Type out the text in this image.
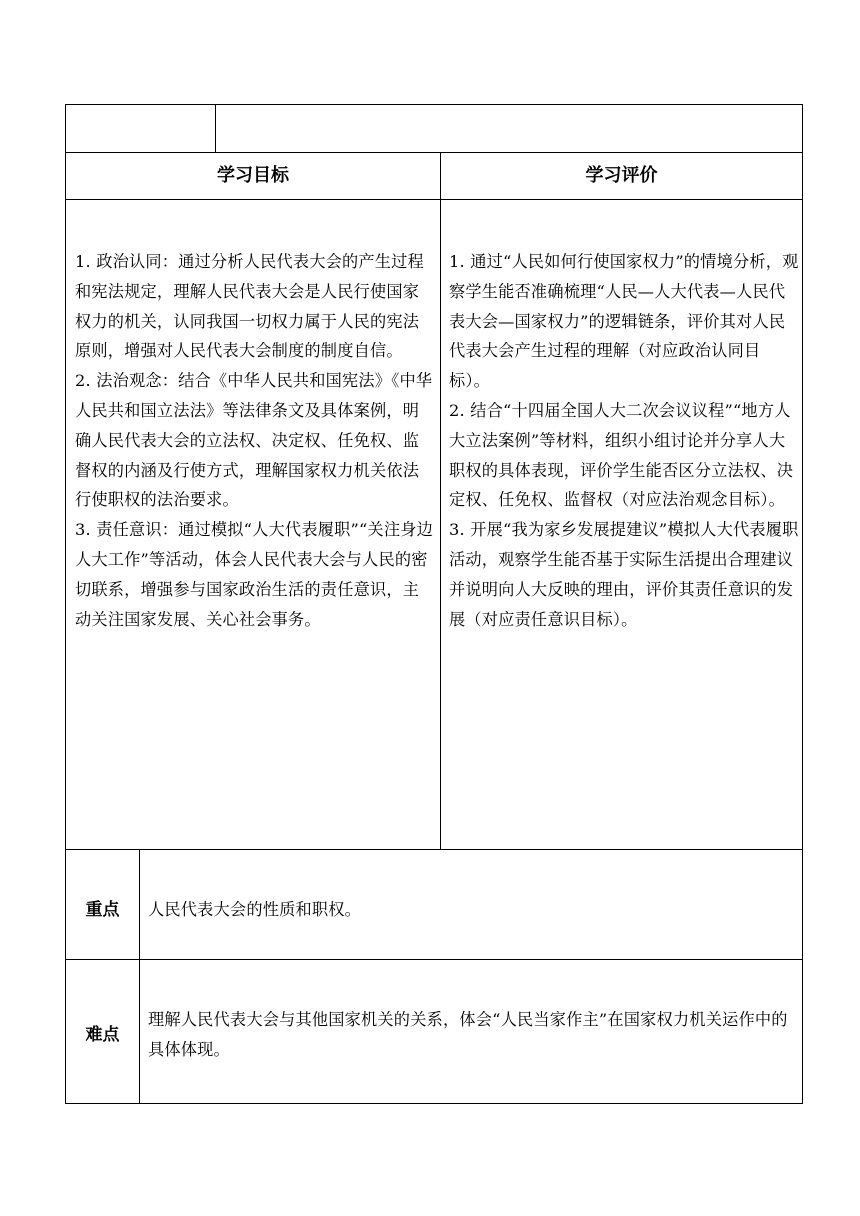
学习目标	学习评价

1. 政治认同：通过分析人民代表大会的产生过程和宪法规定，理解人民代表大会是人民行使国家权力的机关，认同我国一切权力属于人民的宪法原则，增强对人民代表大会制度的制度自信。

2. 法治观念：结合《中华人民共和国宪法》《中华人民共和国立法法》等法律条文及具体案例，明确人民代表大会的立法权、决定权、任免权、监督权的内涵及行使方式，理解国家权力机关依法行使职权的法治要求。

3. 责任意识：通过模拟“人大代表履职”“关注身边人大工作”等活动，体会人民代表大会与人民的密切联系，增强参与国家政治生活的责任意识，主动关注国家发展、关心社会事务。

1. 通过“人民如何行使国家权力”的情境分析，观察学生能否准确梳理“人民—人大代表—人民代表大会—国家权力”的逻辑链条，评价其对人民代表大会产生过程的理解（对应政治认同目标）。

2. 结合“十四届全国人大二次会议议程”“地方人大立法案例”等材料，组织小组讨论并分享人大职权的具体表现，评价学生能否区分立法权、决定权、任免权、监督权（对应法治观念目标）。

3. 开展“我为家乡发展提建议”模拟人大代表履职活动，观察学生能否基于实际生活提出合理建议并说明向人大反映的理由，评价其责任意识的发展（对应责任意识目标）。

重点	人民代表大会的性质和职权。
难点
理解人民代表大会与其他国家机关的关系，体会“人民当家作主”在国家权力机关运作中的具体体现。
